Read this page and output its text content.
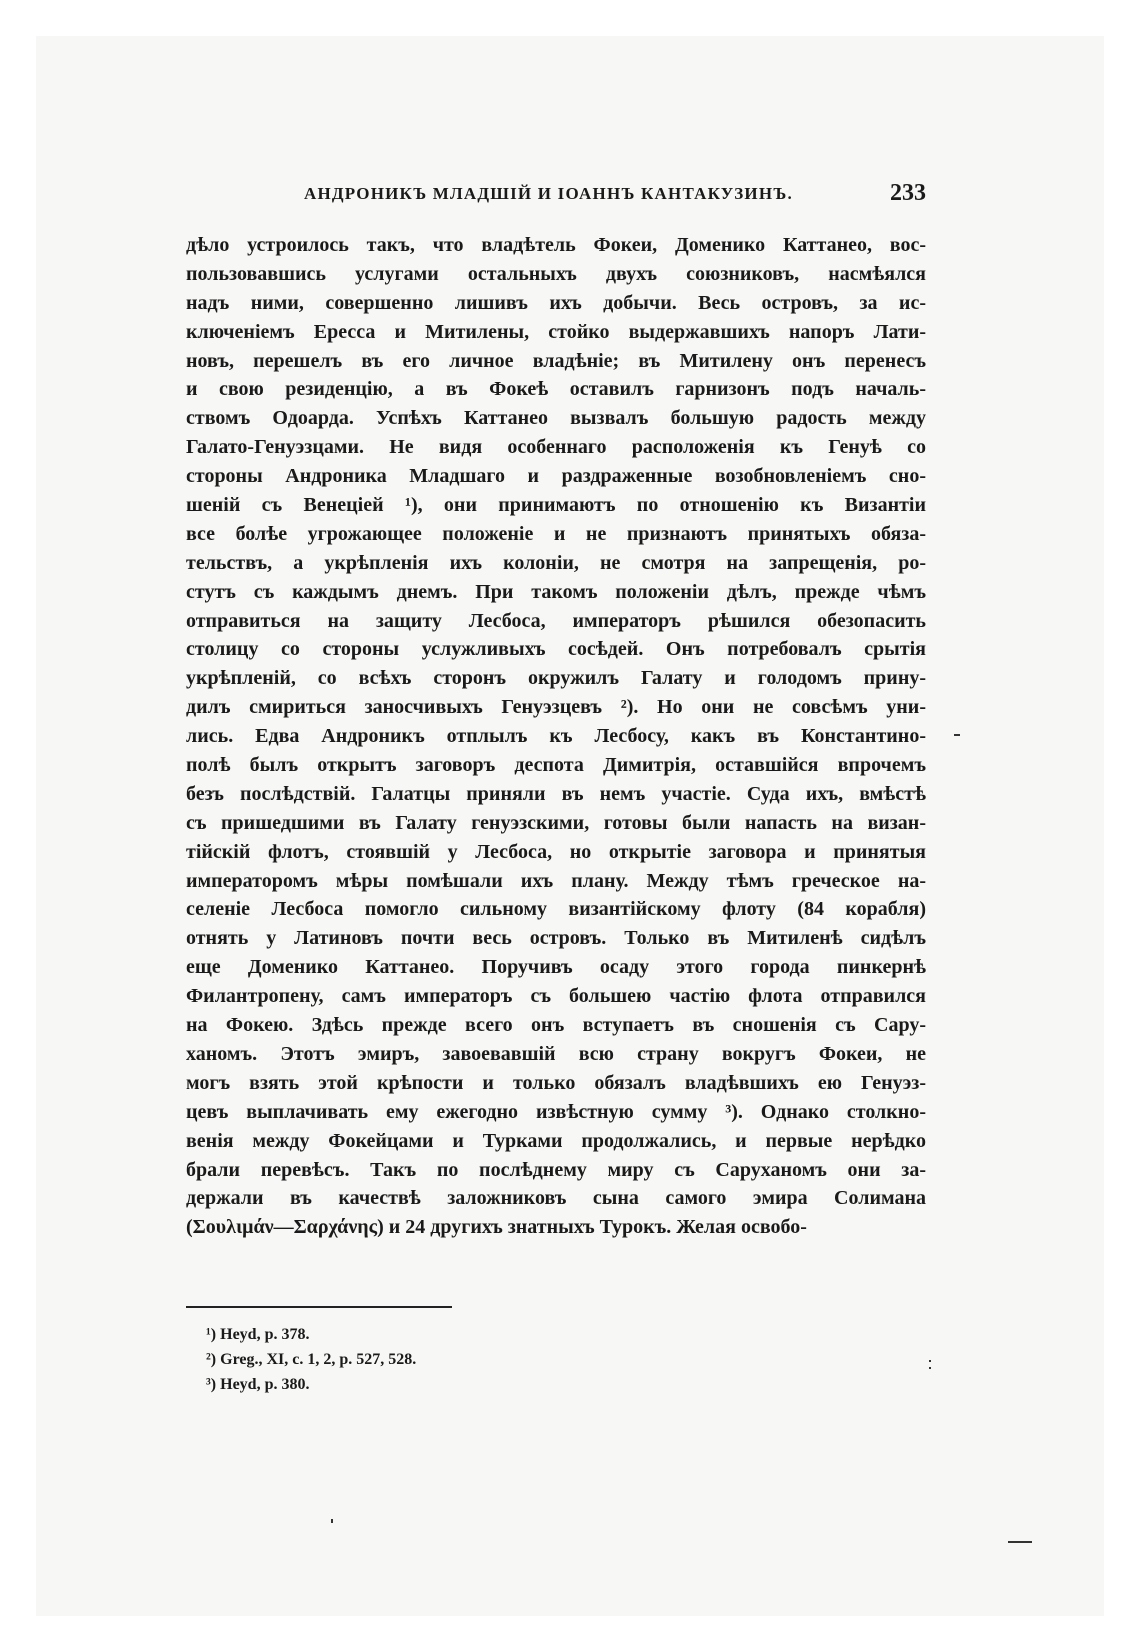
АНДРОНИКЪ МЛАДШІЙ И ІОАННЪ КАНТАКУЗИНЪ.	233
дѣло устроилось такъ, что владѣтель Фокеи, Доменико Каттанео, вос-
пользовавшись услугами остальныхъ двухъ союзниковъ, насмѣялся
надъ ними, совершенно лишивъ ихъ добычи. Весь островъ, за ис-
ключеніемъ Ересса и Митилены, стойко выдержавшихъ напоръ Лати-
новъ, перешелъ въ его личное владѣніе; въ Митилену онъ перенесъ
и свою резиденцію, а въ Фокеѣ оставилъ гарнизонъ подъ началь-
ствомъ Одоарда. Успѣхъ Каттанео вызвалъ большую радость между
Галато-Генуэзцами. Не видя особеннаго расположенія къ Генуѣ со
стороны Андроника Младшаго и раздраженные возобновленіемъ сно-
шеній съ Венеціей ¹), они принимаютъ по отношенію къ Византіи
все болѣе угрожающее положеніе и не признаютъ принятыхъ обяза-
тельствъ, а укрѣпленія ихъ колоніи, не смотря на запрещенія, ро-
стутъ съ каждымъ днемъ. При такомъ положеніи дѣлъ, прежде чѣмъ
отправиться на защиту Лесбоса, императоръ рѣшился обезопасить
столицу со стороны услужливыхъ сосѣдей. Онъ потребовалъ срытія
укрѣпленій, со всѣхъ сторонъ окружилъ Галату и голодомъ прину-
дилъ смириться заносчивыхъ Генуэзцевъ ²). Но они не совсѣмъ уни-
лись. Едва Андроникъ отплылъ къ Лесбосу, какъ въ Константино-
полѣ былъ открытъ заговоръ деспота Димитрія, оставшійся впрочемъ
безъ послѣдствій. Галатцы приняли въ немъ участіе. Суда ихъ, вмѣстѣ
съ пришедшими въ Галату генуэзскими, готовы были напасть на визан-
тійскій флотъ, стоявшій у Лесбоса, но открытіе заговора и принятыя
императоромъ мѣры помѣшали ихъ плану. Между тѣмъ греческое на-
селеніе Лесбоса помогло сильному византійскому флоту (84 корабля)
отнять у Латиновъ почти весь островъ. Только въ Митиленѣ сидѣлъ
еще Доменико Каттанео. Поручивъ осаду этого города пинкернѣ
Филантропену, самъ императоръ съ большею частію флота отправился
на Фокею. Здѣсь прежде всего онъ вступаетъ въ сношенія съ Сару-
ханомъ. Этотъ эмиръ, завоевавшій всю страну вокругъ Фокеи, не
могъ взять этой крѣпости и только обязалъ владѣвшихъ ею Генуэз-
цевъ выплачивать ему ежегодно извѣстную сумму ³). Однако столкно-
венія между Фокейцами и Турками продолжались, и первые нерѣдко
брали перевѣсъ. Такъ по послѣднему миру съ Саруханомъ они за-
держали въ качествѣ заложниковъ сына самого эмира Солимана
(Σουλιμάν—Σαρχάνης) и 24 другихъ знатныхъ Турокъ. Желая освобо-
¹) Heyd, p. 378.
²) Greg., XI, c. 1, 2, p. 527, 528.
³) Heyd, p. 380.
